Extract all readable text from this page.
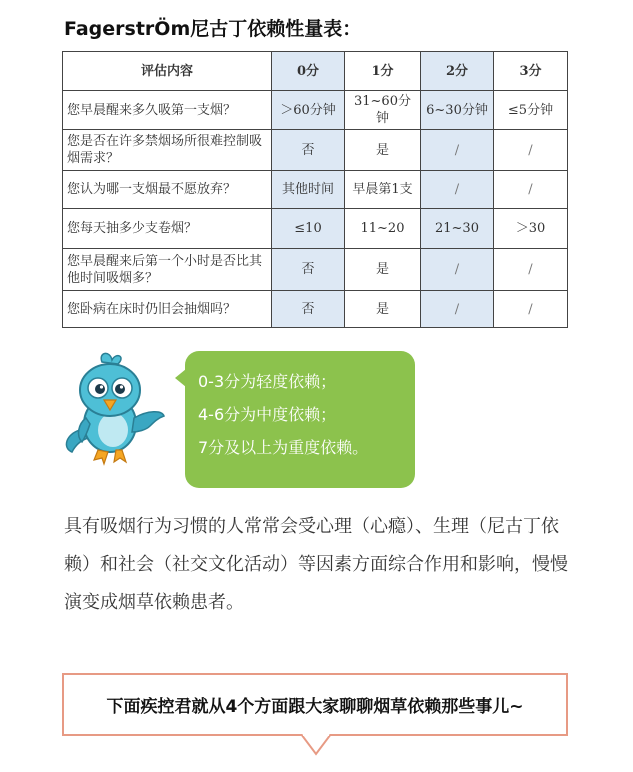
FagerstrÖm尼古丁依赖性量表：
评估内容	0分	1分	2分	3分
您早晨醒来多久吸第一支烟？	＞60分钟	31~60分钟	6~30分钟	≤5分钟
您是否在许多禁烟场所很难控制吸烟需求？	否	是	/	/
您认为哪一支烟最不愿放弃？	其他时间	早晨第1支	/	/
您每天抽多少支卷烟？	≤10	11~20	21~30	＞30
您早晨醒来后第一个小时是否比其他时间吸烟多？	否	是	/	/
您卧病在床时仍旧会抽烟吗？	否	是	/	/
0-3分为轻度依赖；
4-6分为中度依赖；
7分及以上为重度依赖。
具有吸烟行为习惯的人常常会受心理（心瘾）、生理（尼古丁依赖）和社会（社交文化活动）等因素方面综合作用和影响，慢慢演变成烟草依赖患者。
下面疾控君就从4个方面跟大家聊聊烟草依赖那些事儿~
